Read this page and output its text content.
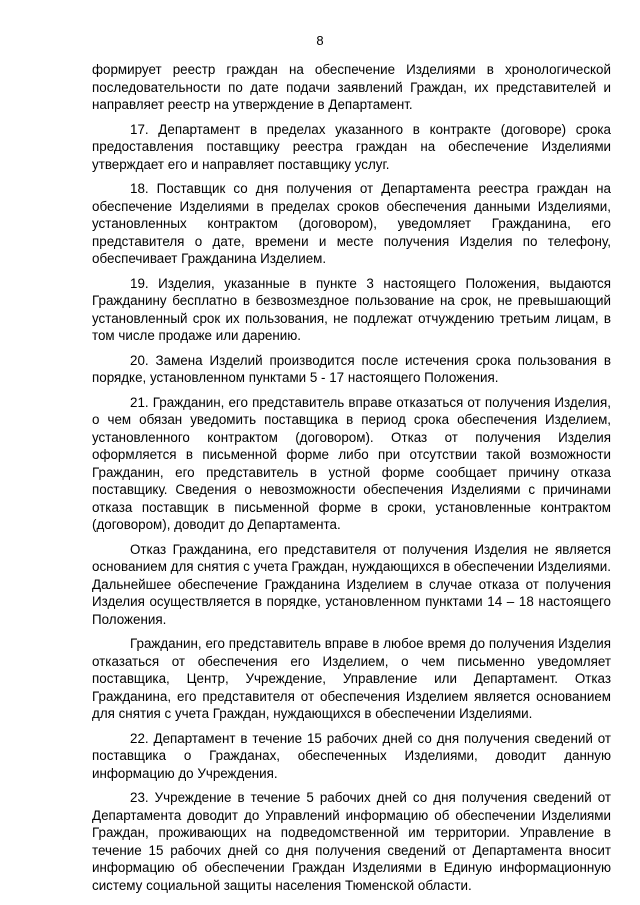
8

формирует реестр граждан на обеспечение Изделиями в хронологической последовательности по дате подачи заявлений Граждан, их представителей и направляет реестр на утверждение в Департамент.

17. Департамент в пределах указанного в контракте (договоре) срока предоставления поставщику реестра граждан на обеспечение Изделиями утверждает его и направляет поставщику услуг.

18. Поставщик со дня получения от Департамента реестра граждан на обеспечение Изделиями в пределах сроков обеспечения данными Изделиями, установленных контрактом (договором), уведомляет Гражданина, его представителя о дате, времени и месте получения Изделия по телефону, обеспечивает Гражданина Изделием.

19. Изделия, указанные в пункте 3 настоящего Положения, выдаются Гражданину бесплатно в безвозмездное пользование на срок, не превышающий установленный срок их пользования, не подлежат отчуждению третьим лицам, в том числе продаже или дарению.

20. Замена Изделий производится после истечения срока пользования в порядке, установленном пунктами 5 - 17 настоящего Положения.

21. Гражданин, его представитель вправе отказаться от получения Изделия, о чем обязан уведомить поставщика в период срока обеспечения Изделием, установленного контрактом (договором). Отказ от получения Изделия оформляется в письменной форме либо при отсутствии такой возможности Гражданин, его представитель в устной форме сообщает причину отказа поставщику. Сведения о невозможности обеспечения Изделиями с причинами отказа поставщик в письменной форме в сроки, установленные контрактом (договором), доводит до Департамента.

Отказ Гражданина, его представителя от получения Изделия не является основанием для снятия с учета Граждан, нуждающихся в обеспечении Изделиями. Дальнейшее обеспечение Гражданина Изделием в случае отказа от получения Изделия осуществляется в порядке, установленном пунктами 14 – 18 настоящего Положения.

Гражданин, его представитель вправе в любое время до получения Изделия отказаться от обеспечения его Изделием, о чем письменно уведомляет поставщика, Центр, Учреждение, Управление или Департамент. Отказ Гражданина, его представителя от обеспечения Изделием является основанием для снятия с учета Граждан, нуждающихся в обеспечении Изделиями.

22. Департамент в течение 15 рабочих дней со дня получения сведений от поставщика о Гражданах, обеспеченных Изделиями, доводит данную информацию до Учреждения.

23. Учреждение в течение 5 рабочих дней со дня получения сведений от Департамента доводит до Управлений информацию об обеспечении Изделиями Граждан, проживающих на подведомственной им территории. Управление в течение 15 рабочих дней со дня получения сведений от Департамента вносит информацию об обеспечении Граждан Изделиями в Единую информационную систему социальной защиты населения Тюменской области.
